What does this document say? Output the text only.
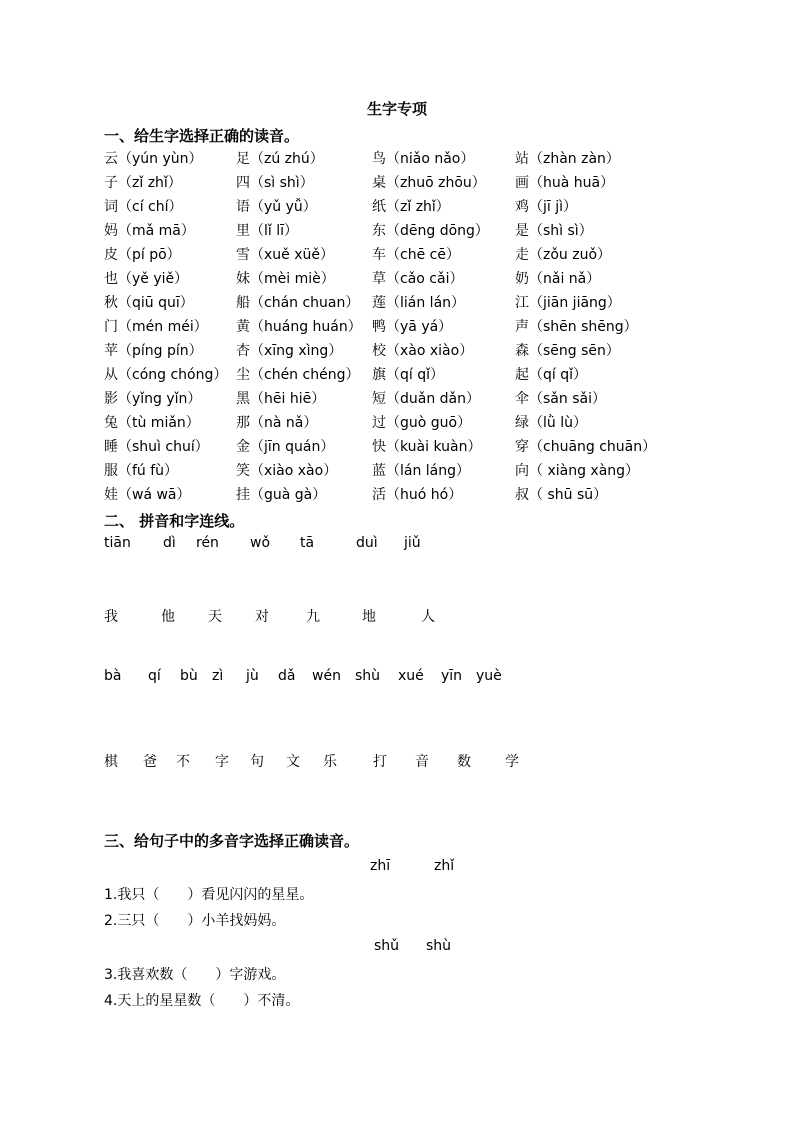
生字专项
一、给生字选择正确的读音。
云（yún yùn） 足（zú zhú）	鸟（niǎo nǎo）	站（zhàn zàn）
子（zǐ zhǐ）	四（sì shì）	桌（zhuō zhōu） 画（huà huā）
词（cí chí）	语（yǔ yǚ）	纸（zǐ zhǐ）	鸡（jī jì）
妈（mǎ mā）	里（lǐ lī）	东（dēng dōng） 是（shì sì）
皮（pí pō）	雪（xuě xüě）	车（chē cē）	走（zǒu zuǒ）
也（yě yiě）	妹（mèi miè）	草（cǎo cǎi）	奶（nǎi nǎ）
秋（qiū quī）	船（chán chuan） 莲（lián lán）	江（jiān jiāng）
门（mén méi） 黄（huáng huán） 鸭（yā yá）	声（shēn shēng）
苹（píng pín） 杏（xīng xìng） 校（xào xiào）	森（sēng sēn）
从（cóng chóng） 尘（chén chéng） 旗（qí qǐ）	起（qí qǐ）
影（yǐng yǐn） 黑（hēi hiē）	短（duǎn dǎn） 伞（sǎn sǎi）
兔（tù miǎn）	那（nà nǎ）	过（guò guō）	绿（lǜ lù）
睡（shuì chuí） 金（jīn quán）	快（kuài kuàn） 穿（chuāng chuān）
服（fú fù）	笑（xiào xào） 蓝（lán láng）	向（ xiàng xàng）
娃（wá wā）	挂（guà gà）	活（huó hó）	叔（ shū sū）
二、 拼音和字连线。
tiān dì rén wǒ tā	duì jiǔ
我	他 天 对	九	地	人
bà qí bù zì jù dǎ wén shù xué yīn yuè
棋 爸 不 字 句 文 乐	打 音 数 学
三、给句子中的多音字选择正确读音。
zhī	zhǐ
1.我只（　　）看见闪闪的星星。
2.三只（　　）小羊找妈妈。
shǔ shù
3.我喜欢数（　　）字游戏。
4.天上的星星数（　　）不清。
